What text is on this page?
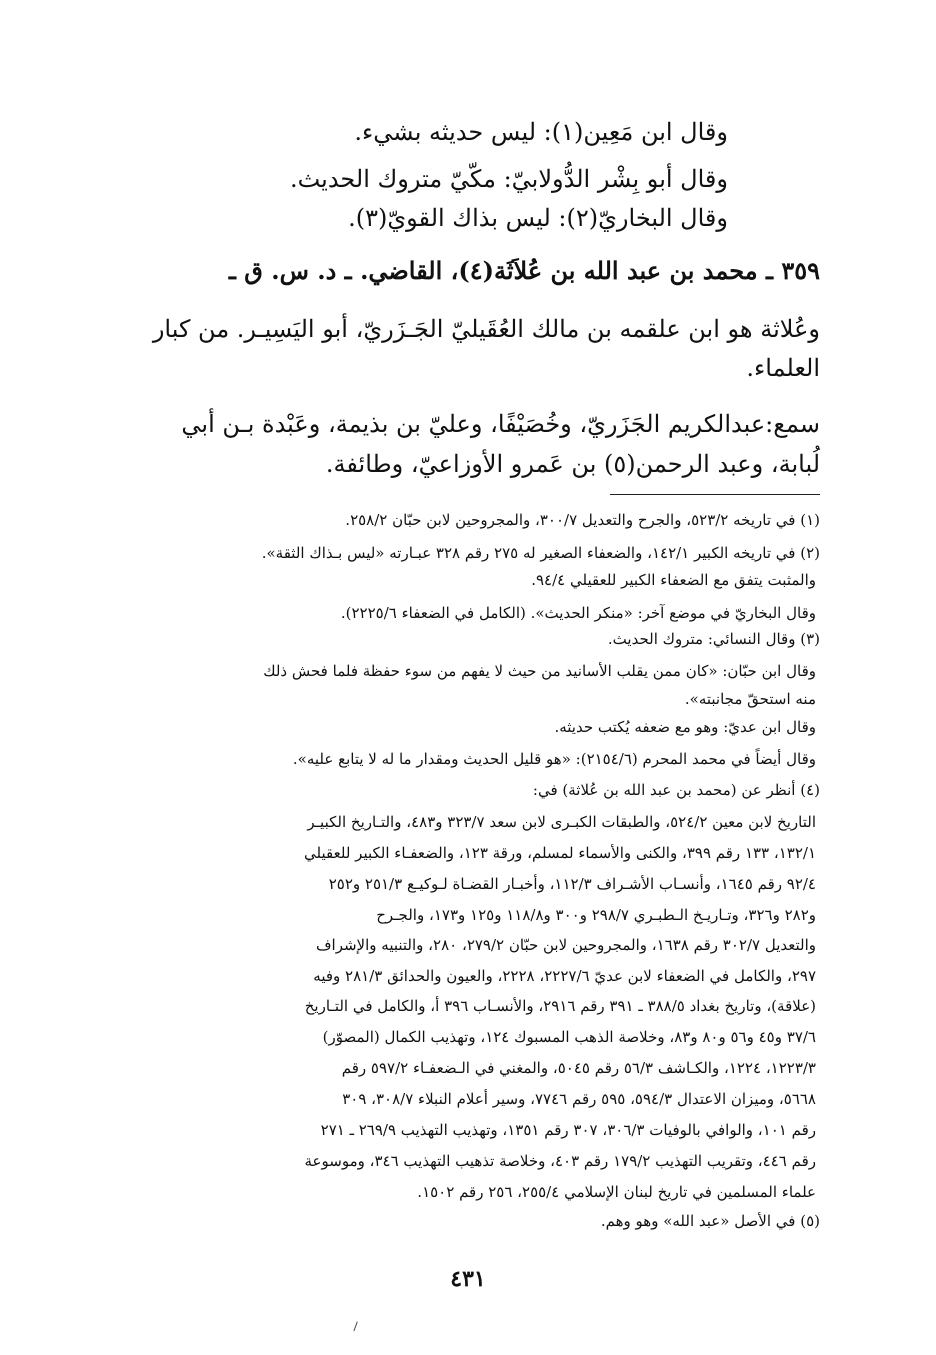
وقال ابن مَعِين(١): ليس حديثه بشيء.
وقال أبو بِشْر الدُّولابيّ: مكّيّ متروك الحديث.
وقال البخاريّ(٢): ليس بذاك القويّ(٣).
٣٥٩ ـ محمد بن عبد الله بن عُلاَثَة(٤)، القاضي. ـ د. س. ق ـ
وعُلاثة هو ابن علقمه بن مالك العُقَيليّ الجَـزَريّ، أبو اليَسِيـر. من كبار
العلماء.
سمع:عبدالكريم الجَزَريّ، وخُصَيْفًا، وعليّ بن بذيمة، وعَبْدة بـن أبي
لُبابة، وعبد الرحمن(٥) بن عَمرو الأوزاعيّ، وطائفة.
(١) في تاريخه ٥٢٣/٢، والجرح والتعديل ٣٠٠/٧، والمجروحين لابن حبّان ٢٥٨/٢.
(٢) في تاريخه الكبير ١٤٢/١، والضعفاء الصغير له ٢٧٥ رقم ٣٢٨ عبـارته «ليس بـذاك الثقة».
والمثبت يتفق مع الضعفاء الكبير للعقيلي ٩٤/٤.
وقال البخاريّ في موضع آخر: «منكر الحديث». (الكامل في الضعفاء ٢٢٢٥/٦).
(٣) وقال النسائي: متروك الحديث.
وقال ابن حبّان: «كان ممن يقلب الأسانيد من حيث لا يفهم من سوء حفظة فلما فحش ذلك
منه استحقّ مجانبته».
وقال ابن عديّ: وهو مع ضعفه يُكتب حديثه.
وقال أيضاً في محمد المحرم (٢١٥٤/٦): «هو قليل الحديث ومقدار ما له لا يتابع عليه».
(٤) أنظر عن (محمد بن عبد الله بن عُلاثة) في:
التاريخ لابن معين ٥٢٤/٢، والطبقات الكبـرى لابن سعد ٣٢٣/٧ و٤٨٣، والتـاريخ الكبيـر
١٣٢/١، ١٣٣ رقم ٣٩٩، والكنى والأسماء لمسلم، ورقة ١٢٣، والضعفـاء الكبير للعقيلي
٩٢/٤ رقم ١٦٤٥، وأنسـاب الأشـراف ١١٢/٣، وأخبـار القضـاة لـوكيـع ٢٥١/٣ و٢٥٢
و٢٨٢ و٣٢٦، وتـاريـخ الـطبـري ٢٩٨/٧ و٣٠٠ و١١٨/٨ و١٢٥ و١٧٣، والجـرح
والتعديل ٣٠٢/٧ رقم ١٦٣٨، والمجروحين لابن حبّان ٢٧٩/٢، ٢٨٠، والتنبيه والإشراف
٢٩٧، والكامل في الضعفاء لابن عديّ ٢٢٢٧/٦، ٢٢٢٨، والعيون والحدائق ٢٨١/٣ وفيه
(علاقة)، وتاريخ بغداد ٣٨٨/٥ ـ ٣٩١ رقم ٢٩١٦، والأنسـاب ٣٩٦ أ، والكامل في التـاريخ
٣٧/٦ و٤٥ و٥٦ و٨٠ و٨٣، وخلاصة الذهب المسبوك ١٢٤، وتهذيب الكمال (المصوّر)
١٢٢٣/٣، ١٢٢٤، والكـاشف ٥٦/٣ رقم ٥٠٤٥، والمغني في الـضعفـاء ٥٩٧/٢ رقم
٥٦٦٨، وميزان الاعتدال ٥٩٤/٣، ٥٩٥ رقم ٧٧٤٦، وسير أعلام النبلاء ٣٠٨/٧، ٣٠٩
رقم ١٠١، والوافي بالوفيات ٣٠٦/٣، ٣٠٧ رقم ١٣٥١، وتهذيب التهذيب ٢٦٩/٩ ـ ٢٧١
رقم ٤٤٦، وتقريب التهذيب ١٧٩/٢ رقم ٤٠٣، وخلاصة تذهيب التهذيب ٣٤٦، وموسوعة
علماء المسلمين في تاريخ لبنان الإسلامي ٢٥٥/٤، ٢٥٦ رقم ١٥٠٢.
(٥) في الأصل «عبد الله» وهو وهم.
٤٣١
